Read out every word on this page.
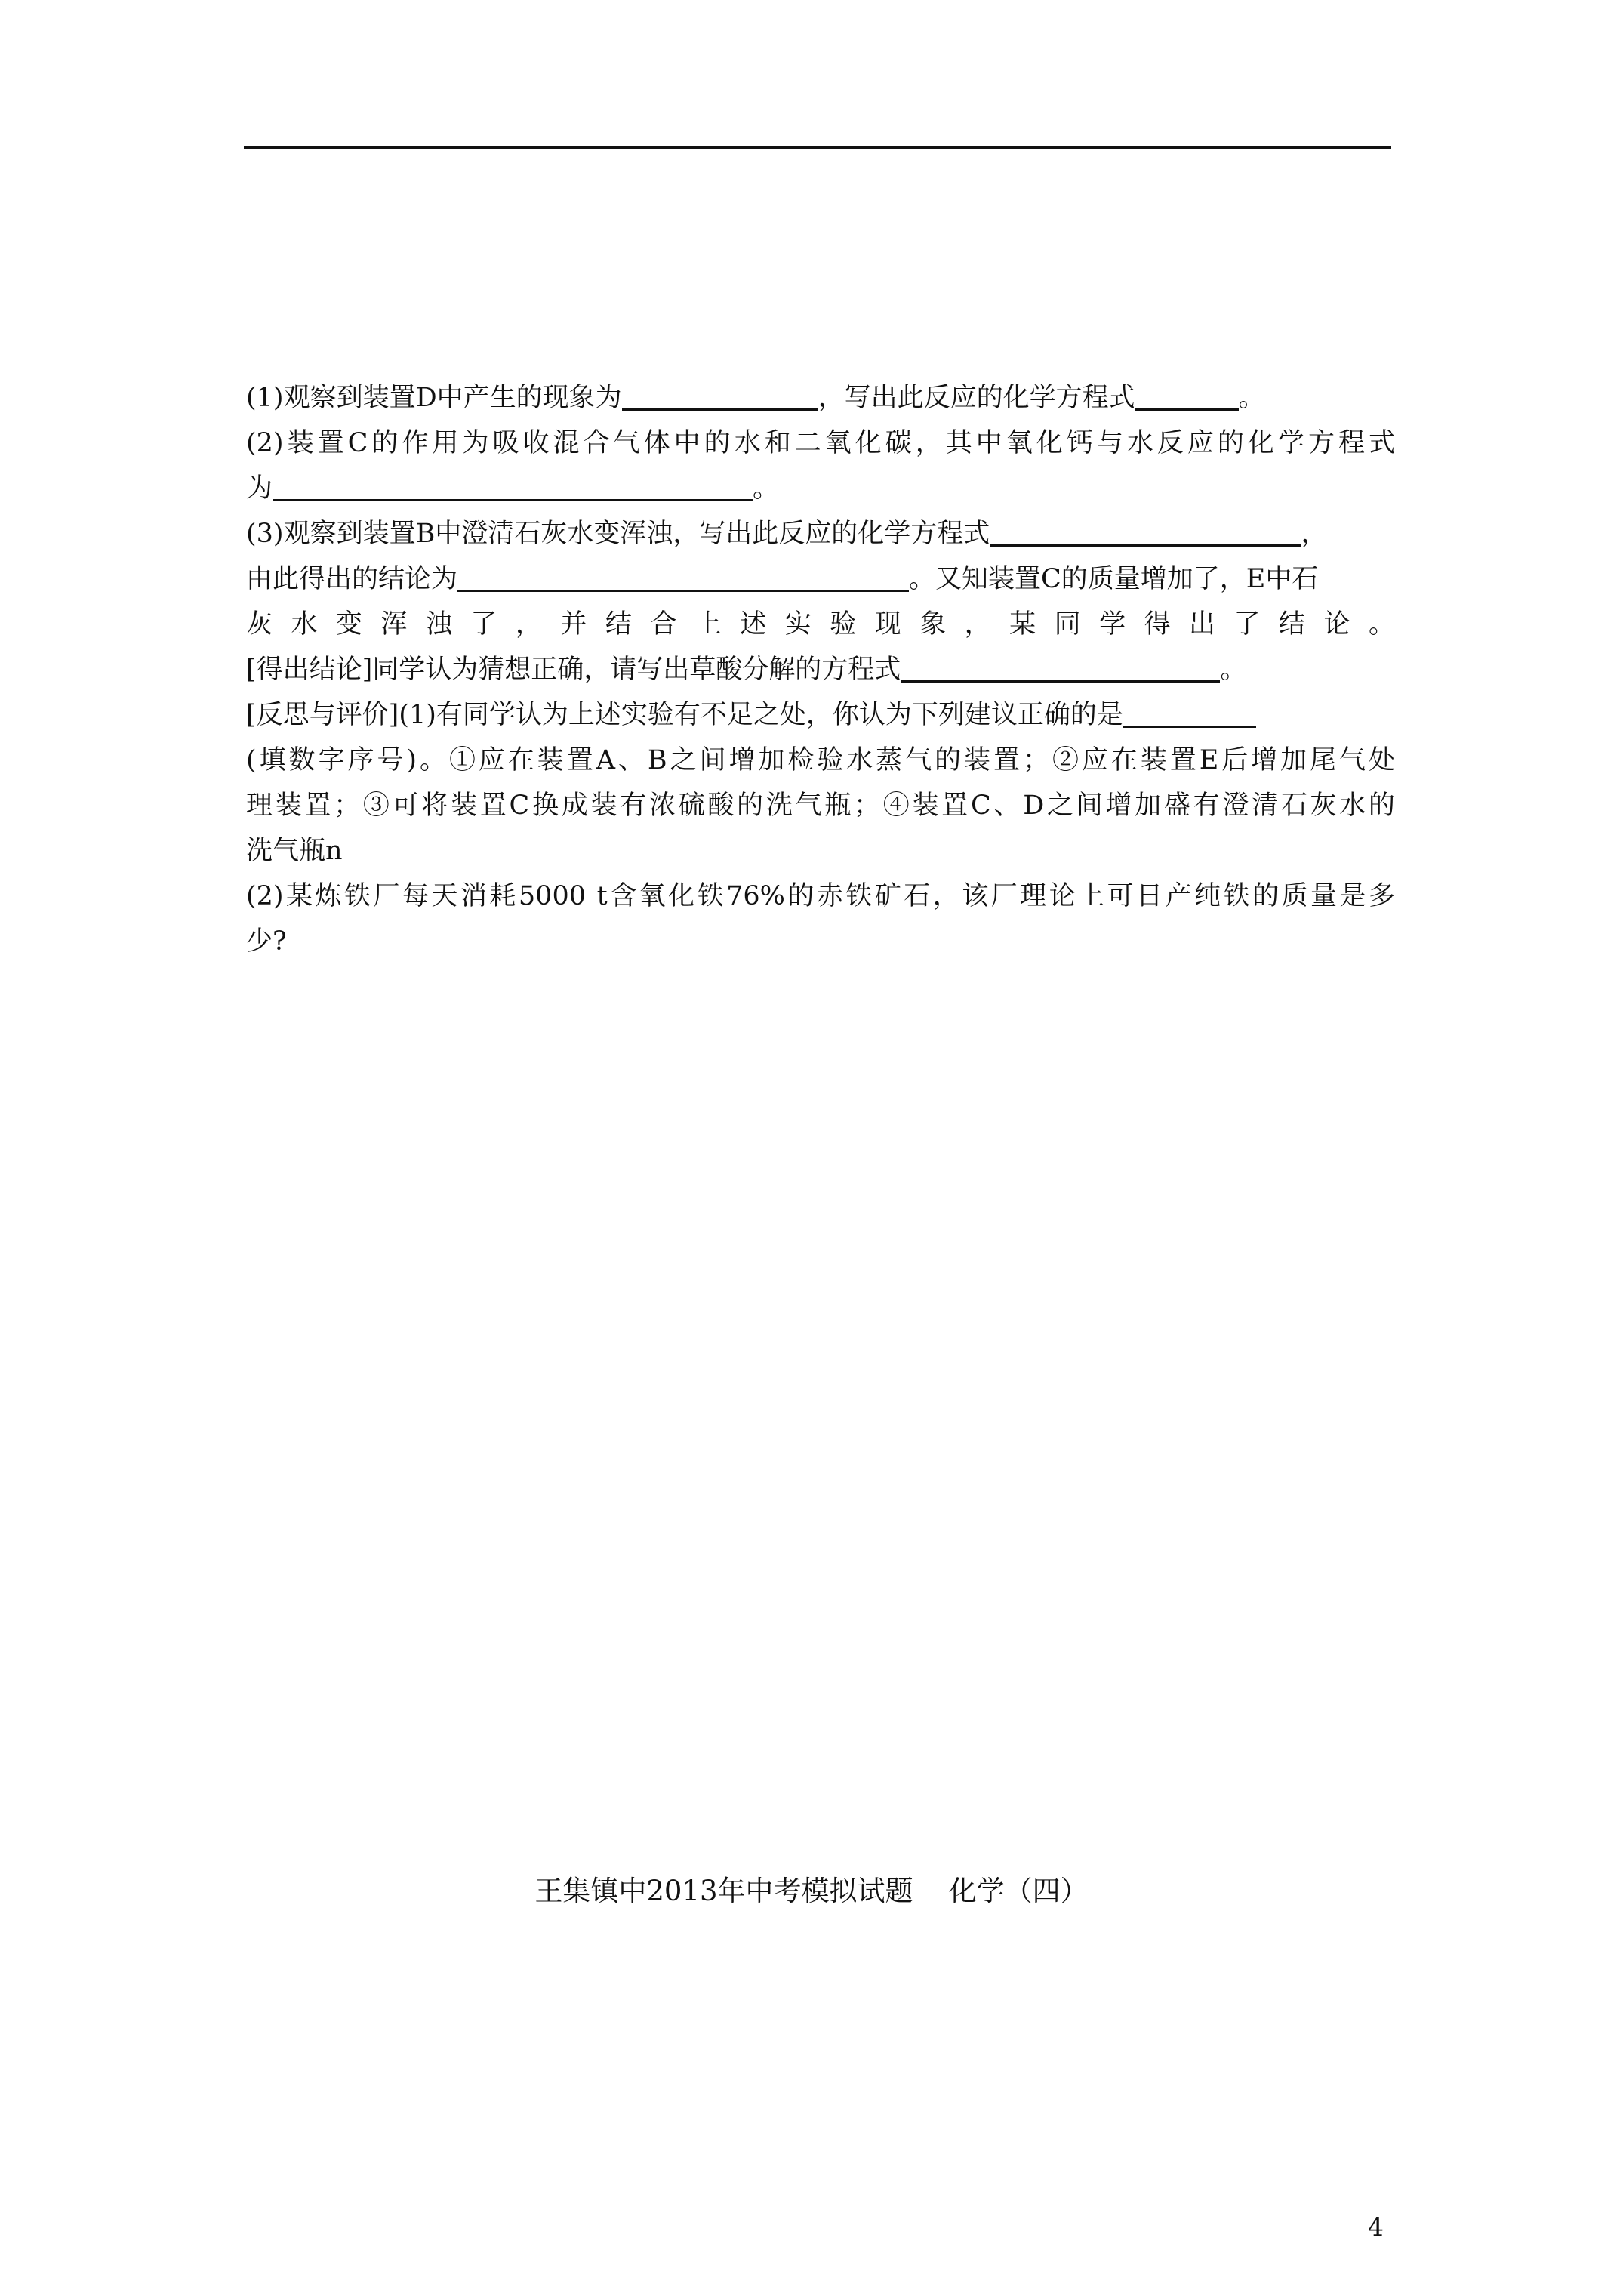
(1)观察到装置D中产生的现象为	，写出此反应的化学方程式	。
(2)装置C的作用为吸收混合气体中的水和二氧化碳，其中氧化钙与水反应的化学方程式
为	。
(3)观察到装置B中澄清石灰水变浑浊，写出此反应的化学方程式	，
由此得出的结论为	。又知装置C的质量增加了，E中石
灰水变浑浊了，并结合上述实验现象，某同学得出了结论。
[得出结论]同学认为猜想正确，请写出草酸分解的方程式	。
[反思与评价](1)有同学认为上述实验有不足之处，你认为下列建议正确的是
(填数字序号)。①应在装置A、B之间增加检验水蒸气的装置；②应在装置E后增加尾气处
理装置；③可将装置C换成装有浓硫酸的洗气瓶；④装置C、D之间增加盛有澄清石灰水的
洗气瓶n
(2)某炼铁厂每天消耗5000 t含氧化铁76%的赤铁矿石，该厂理论上可日产纯铁的质量是多
少?
王集镇中2013年中考模拟试题    化学（四）
4
